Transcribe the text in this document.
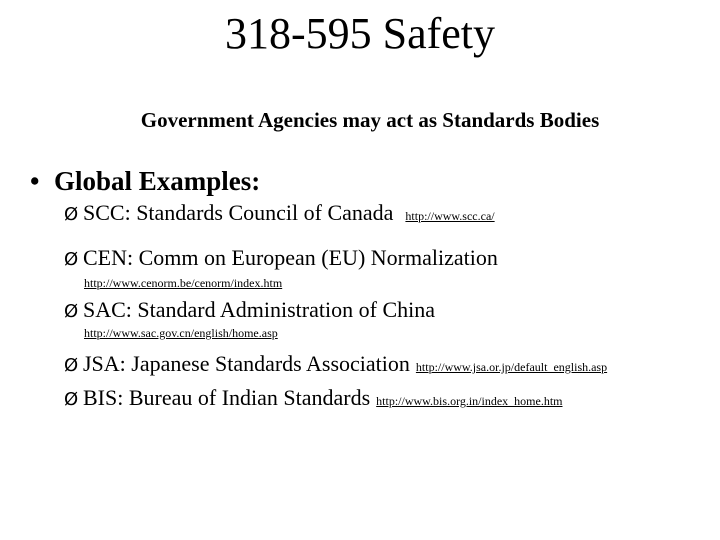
318-595 Safety
Government Agencies may act as Standards Bodies
• Global Examples:
Ø SCC: Standards Council of Canada http://www.scc.ca/
Ø CEN: Comm on European (EU) Normalization
http://www.cenorm.be/cenorm/index.htm
Ø SAC: Standard Administration of China
http://www.sac.gov.cn/english/home.asp
Ø JSA: Japanese Standards Association http://www.jsa.or.jp/default_english.asp
Ø BIS: Bureau of Indian Standards http://www.bis.org.in/index_home.htm
